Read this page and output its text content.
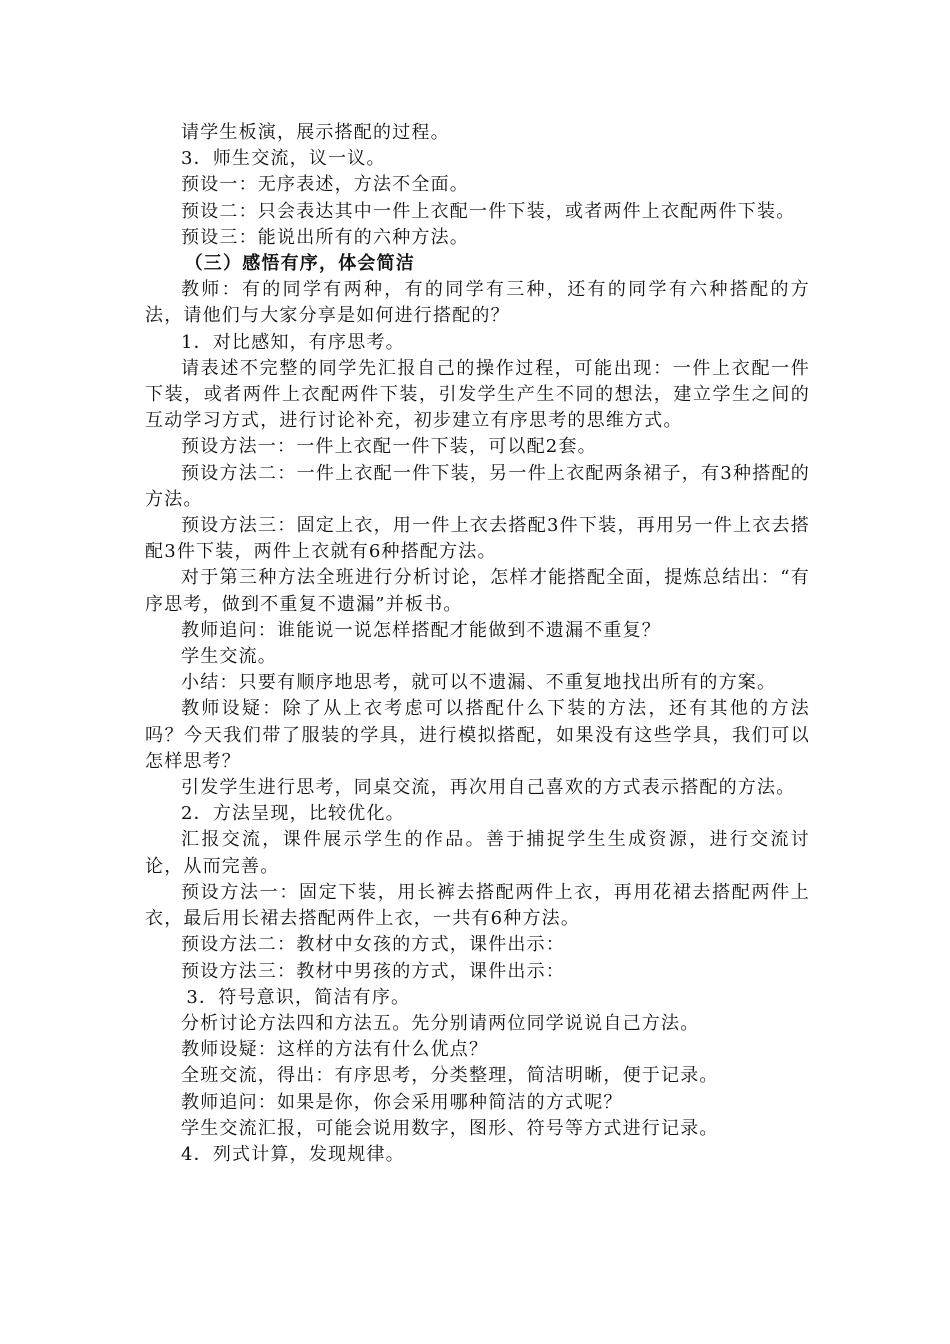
请学生板演，展示搭配的过程。

3．师生交流，议一议。

预设一：无序表述，方法不全面。

预设二：只会表达其中一件上衣配一件下装，或者两件上衣配两件下装。

预设三：能说出所有的六种方法。

（三）感悟有序，体会简洁

教师：有的同学有两种，有的同学有三种，还有的同学有六种搭配的方法，请他们与大家分享是如何进行搭配的？

1．对比感知，有序思考。

请表述不完整的同学先汇报自己的操作过程，可能出现：一件上衣配一件下装，或者两件上衣配两件下装，引发学生产生不同的想法，建立学生之间的互动学习方式，进行讨论补充，初步建立有序思考的思维方式。

预设方法一：一件上衣配一件下装，可以配2套。

预设方法二：一件上衣配一件下装，另一件上衣配两条裙子，有3种搭配的方法。

预设方法三：固定上衣，用一件上衣去搭配3件下装，再用另一件上衣去搭配3件下装，两件上衣就有6种搭配方法。

对于第三种方法全班进行分析讨论，怎样才能搭配全面，提炼总结出：“有序思考，做到不重复不遗漏”并板书。

教师追问：谁能说一说怎样搭配才能做到不遗漏不重复？

学生交流。

小结：只要有顺序地思考，就可以不遗漏、不重复地找出所有的方案。

教师设疑：除了从上衣考虑可以搭配什么下装的方法，还有其他的方法吗？今天我们带了服装的学具，进行模拟搭配，如果没有这些学具，我们可以怎样思考？

引发学生进行思考，同桌交流，再次用自己喜欢的方式表示搭配的方法。

2．方法呈现，比较优化。

汇报交流，课件展示学生的作品。善于捕捉学生生成资源，进行交流讨论，从而完善。

预设方法一：固定下装，用长裤去搭配两件上衣，再用花裙去搭配两件上衣，最后用长裙去搭配两件上衣，一共有6种方法。

预设方法二：教材中女孩的方式，课件出示：

预设方法三：教材中男孩的方式，课件出示：

3．符号意识，简洁有序。

分析讨论方法四和方法五。先分别请两位同学说说自己方法。

教师设疑：这样的方法有什么优点？

全班交流，得出：有序思考，分类整理，简洁明晰，便于记录。

教师追问：如果是你，你会采用哪种简洁的方式呢？

学生交流汇报，可能会说用数字，图形、符号等方式进行记录。

4．列式计算，发现规律。
